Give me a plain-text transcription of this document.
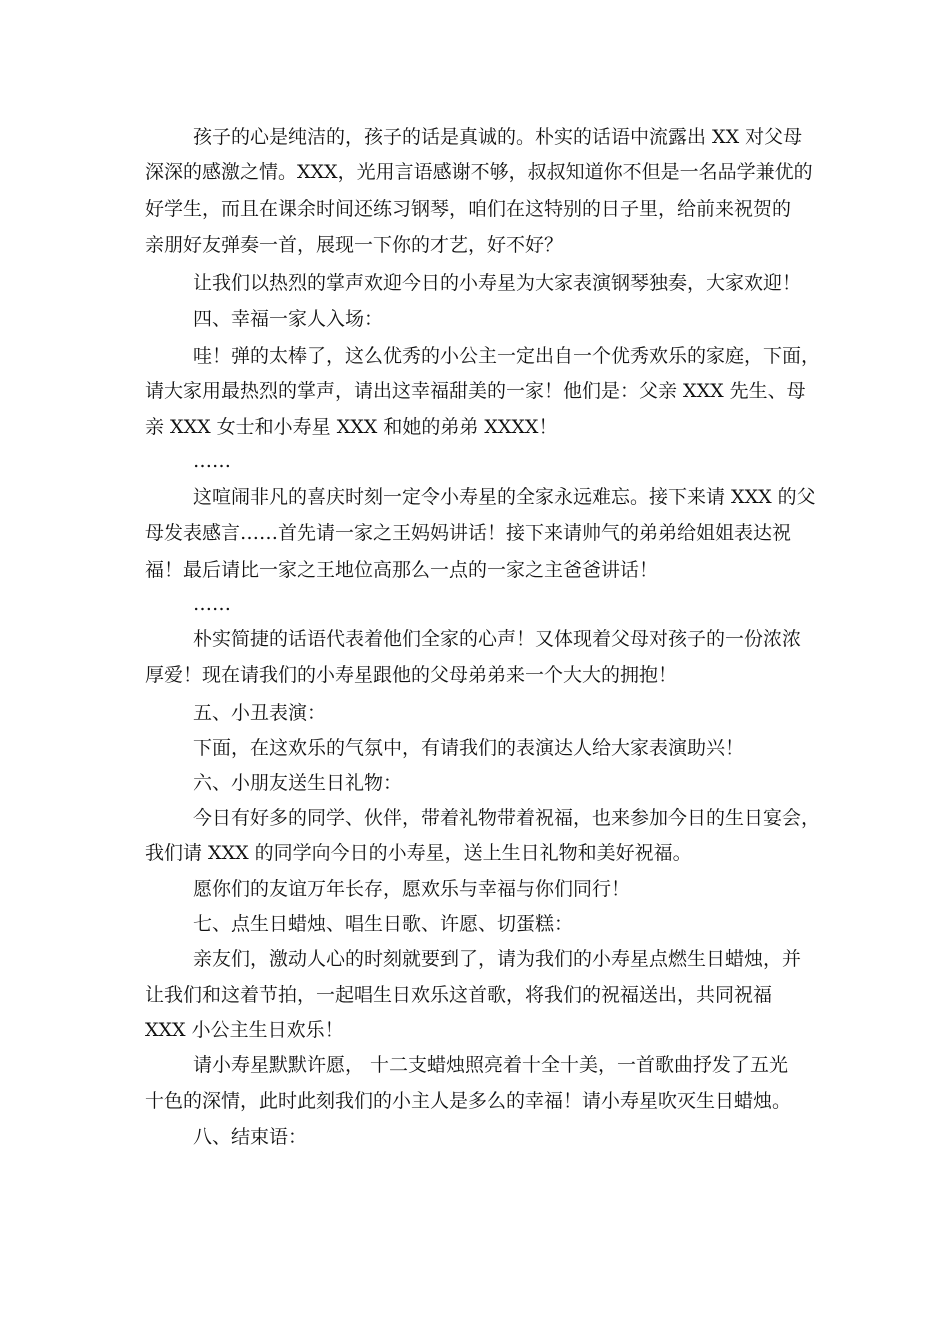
孩子的心是纯洁的，孩子的话是真诚的。朴实的话语中流露出 XX 对父母
深深的感激之情。XXX，光用言语感谢不够，叔叔知道你不但是一名品学兼优的
好学生，而且在课余时间还练习钢琴，咱们在这特别的日子里，给前来祝贺的
亲朋好友弹奏一首，展现一下你的才艺，好不好？
让我们以热烈的掌声欢迎今日的小寿星为大家表演钢琴独奏，大家欢迎！
四、幸福一家人入场：
哇！弹的太棒了，这么优秀的小公主一定出自一个优秀欢乐的家庭，下面，
请大家用最热烈的掌声，请出这幸福甜美的一家！他们是：父亲 XXX 先生、母
亲 XXX 女士和小寿星 XXX 和她的弟弟 XXXX！
……
这喧闹非凡的喜庆时刻一定令小寿星的全家永远难忘。接下来请 XXX 的父
母发表感言……首先请一家之王妈妈讲话！接下来请帅气的弟弟给姐姐表达祝
福！最后请比一家之王地位高那么一点的一家之主爸爸讲话！
……
朴实简捷的话语代表着他们全家的心声！又体现着父母对孩子的一份浓浓
厚爱！现在请我们的小寿星跟他的父母弟弟来一个大大的拥抱！
五、小丑表演：
下面，在这欢乐的气氛中，有请我们的表演达人给大家表演助兴！
六、小朋友送生日礼物：
今日有好多的同学、伙伴，带着礼物带着祝福，也来参加今日的生日宴会，
我们请 XXX 的同学向今日的小寿星，送上生日礼物和美好祝福。
愿你们的友谊万年长存，愿欢乐与幸福与你们同行！
七、点生日蜡烛、唱生日歌、许愿、切蛋糕：
亲友们，激动人心的时刻就要到了，请为我们的小寿星点燃生日蜡烛，并
让我们和这着节拍，一起唱生日欢乐这首歌，将我们的祝福送出，共同祝福
XXX 小公主生日欢乐！
请小寿星默默许愿， 十二支蜡烛照亮着十全十美，一首歌曲抒发了五光
十色的深情，此时此刻我们的小主人是多么的幸福！请小寿星吹灭生日蜡烛。
八、结束语：
